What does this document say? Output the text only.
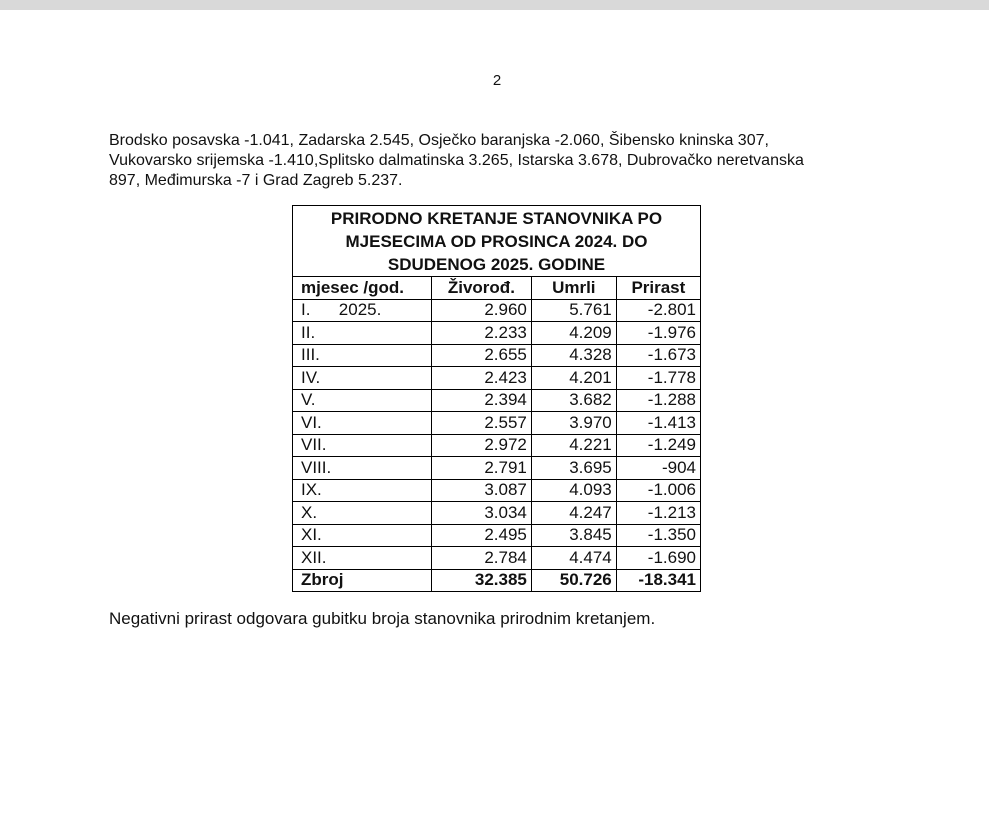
2

Brodsko posavska -1.041, Zadarska 2.545, Osječko baranjska -2.060, Šibensko kninska 307,
Vukovarsko srijemska -1.410,Splitsko dalmatinska 3.265, Istarska 3.678, Dubrovačko neretvanska
897, Međimurska -7 i Grad Zagreb 5.237.

PRIRODNO KRETANJE STANOVNIKA PO MJESECIMA OD PROSINCA 2024. DO SDUDENOG 2025. GODINE			
mjesec /god.	Živorođ.	Umrli	Prirast
I.      2025.	2.960	5.761	-2.801
II.	2.233	4.209	-1.976
III.	2.655	4.328	-1.673
IV.	2.423	4.201	-1.778
V.	2.394	3.682	-1.288
VI.	2.557	3.970	-1.413
VII.	2.972	4.221	-1.249
VIII.	2.791	3.695	-904
IX.	3.087	4.093	-1.006
X.	3.034	4.247	-1.213
XI.	2.495	3.845	-1.350
XII.	2.784	4.474	-1.690
Zbroj	32.385	50.726	-18.341

Negativni prirast odgovara gubitku broja stanovnika prirodnim kretanjem.
